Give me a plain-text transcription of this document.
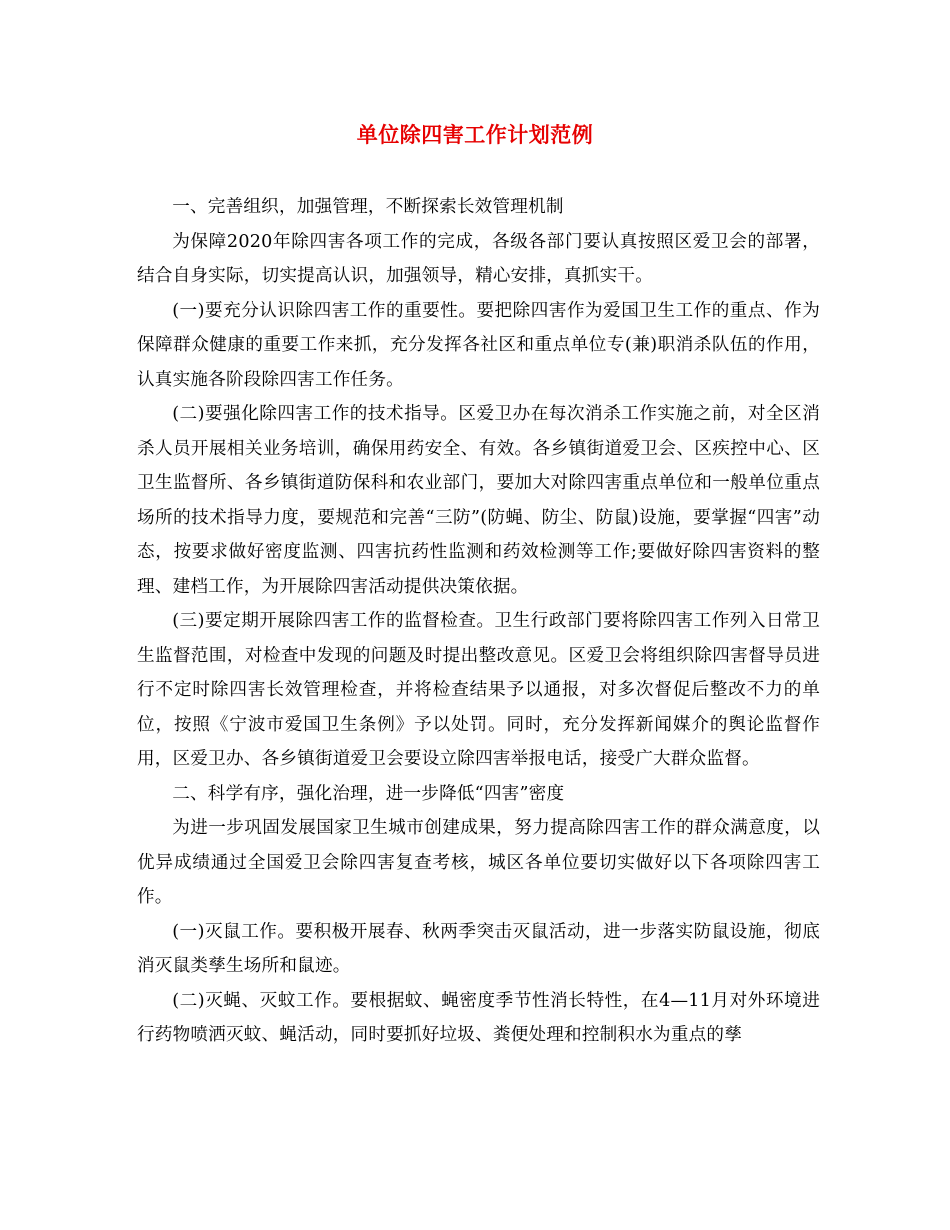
单位除四害工作计划范例

一、完善组织，加强管理，不断探索长效管理机制

为保障2020年除四害各项工作的完成，各级各部门要认真按照区爱卫会的部署，结合自身实际，切实提高认识，加强领导，精心安排，真抓实干。

(一)要充分认识除四害工作的重要性。要把除四害作为爱国卫生工作的重点、作为保障群众健康的重要工作来抓，充分发挥各社区和重点单位专(兼)职消杀队伍的作用，认真实施各阶段除四害工作任务。

(二)要强化除四害工作的技术指导。区爱卫办在每次消杀工作实施之前，对全区消杀人员开展相关业务培训，确保用药安全、有效。各乡镇街道爱卫会、区疾控中心、区卫生监督所、各乡镇街道防保科和农业部门，要加大对除四害重点单位和一般单位重点场所的技术指导力度，要规范和完善“三防”(防蝇、防尘、防鼠)设施，要掌握“四害”动态，按要求做好密度监测、四害抗药性监测和药效检测等工作;要做好除四害资料的整理、建档工作，为开展除四害活动提供决策依据。

(三)要定期开展除四害工作的监督检查。卫生行政部门要将除四害工作列入日常卫生监督范围，对检查中发现的问题及时提出整改意见。区爱卫会将组织除四害督导员进行不定时除四害长效管理检查，并将检查结果予以通报，对多次督促后整改不力的单位，按照《宁波市爱国卫生条例》予以处罚。同时，充分发挥新闻媒介的舆论监督作用，区爱卫办、各乡镇街道爱卫会要设立除四害举报电话，接受广大群众监督。

二、科学有序，强化治理，进一步降低“四害”密度

为进一步巩固发展国家卫生城市创建成果，努力提高除四害工作的群众满意度，以优异成绩通过全国爱卫会除四害复查考核，城区各单位要切实做好以下各项除四害工作。

(一)灭鼠工作。要积极开展春、秋两季突击灭鼠活动，进一步落实防鼠设施，彻底消灭鼠类孳生场所和鼠迹。

(二)灭蝇、灭蚊工作。要根据蚊、蝇密度季节性消长特性，在4—11月对外环境进行药物喷洒灭蚊、蝇活动，同时要抓好垃圾、粪便处理和控制积水为重点的孳
